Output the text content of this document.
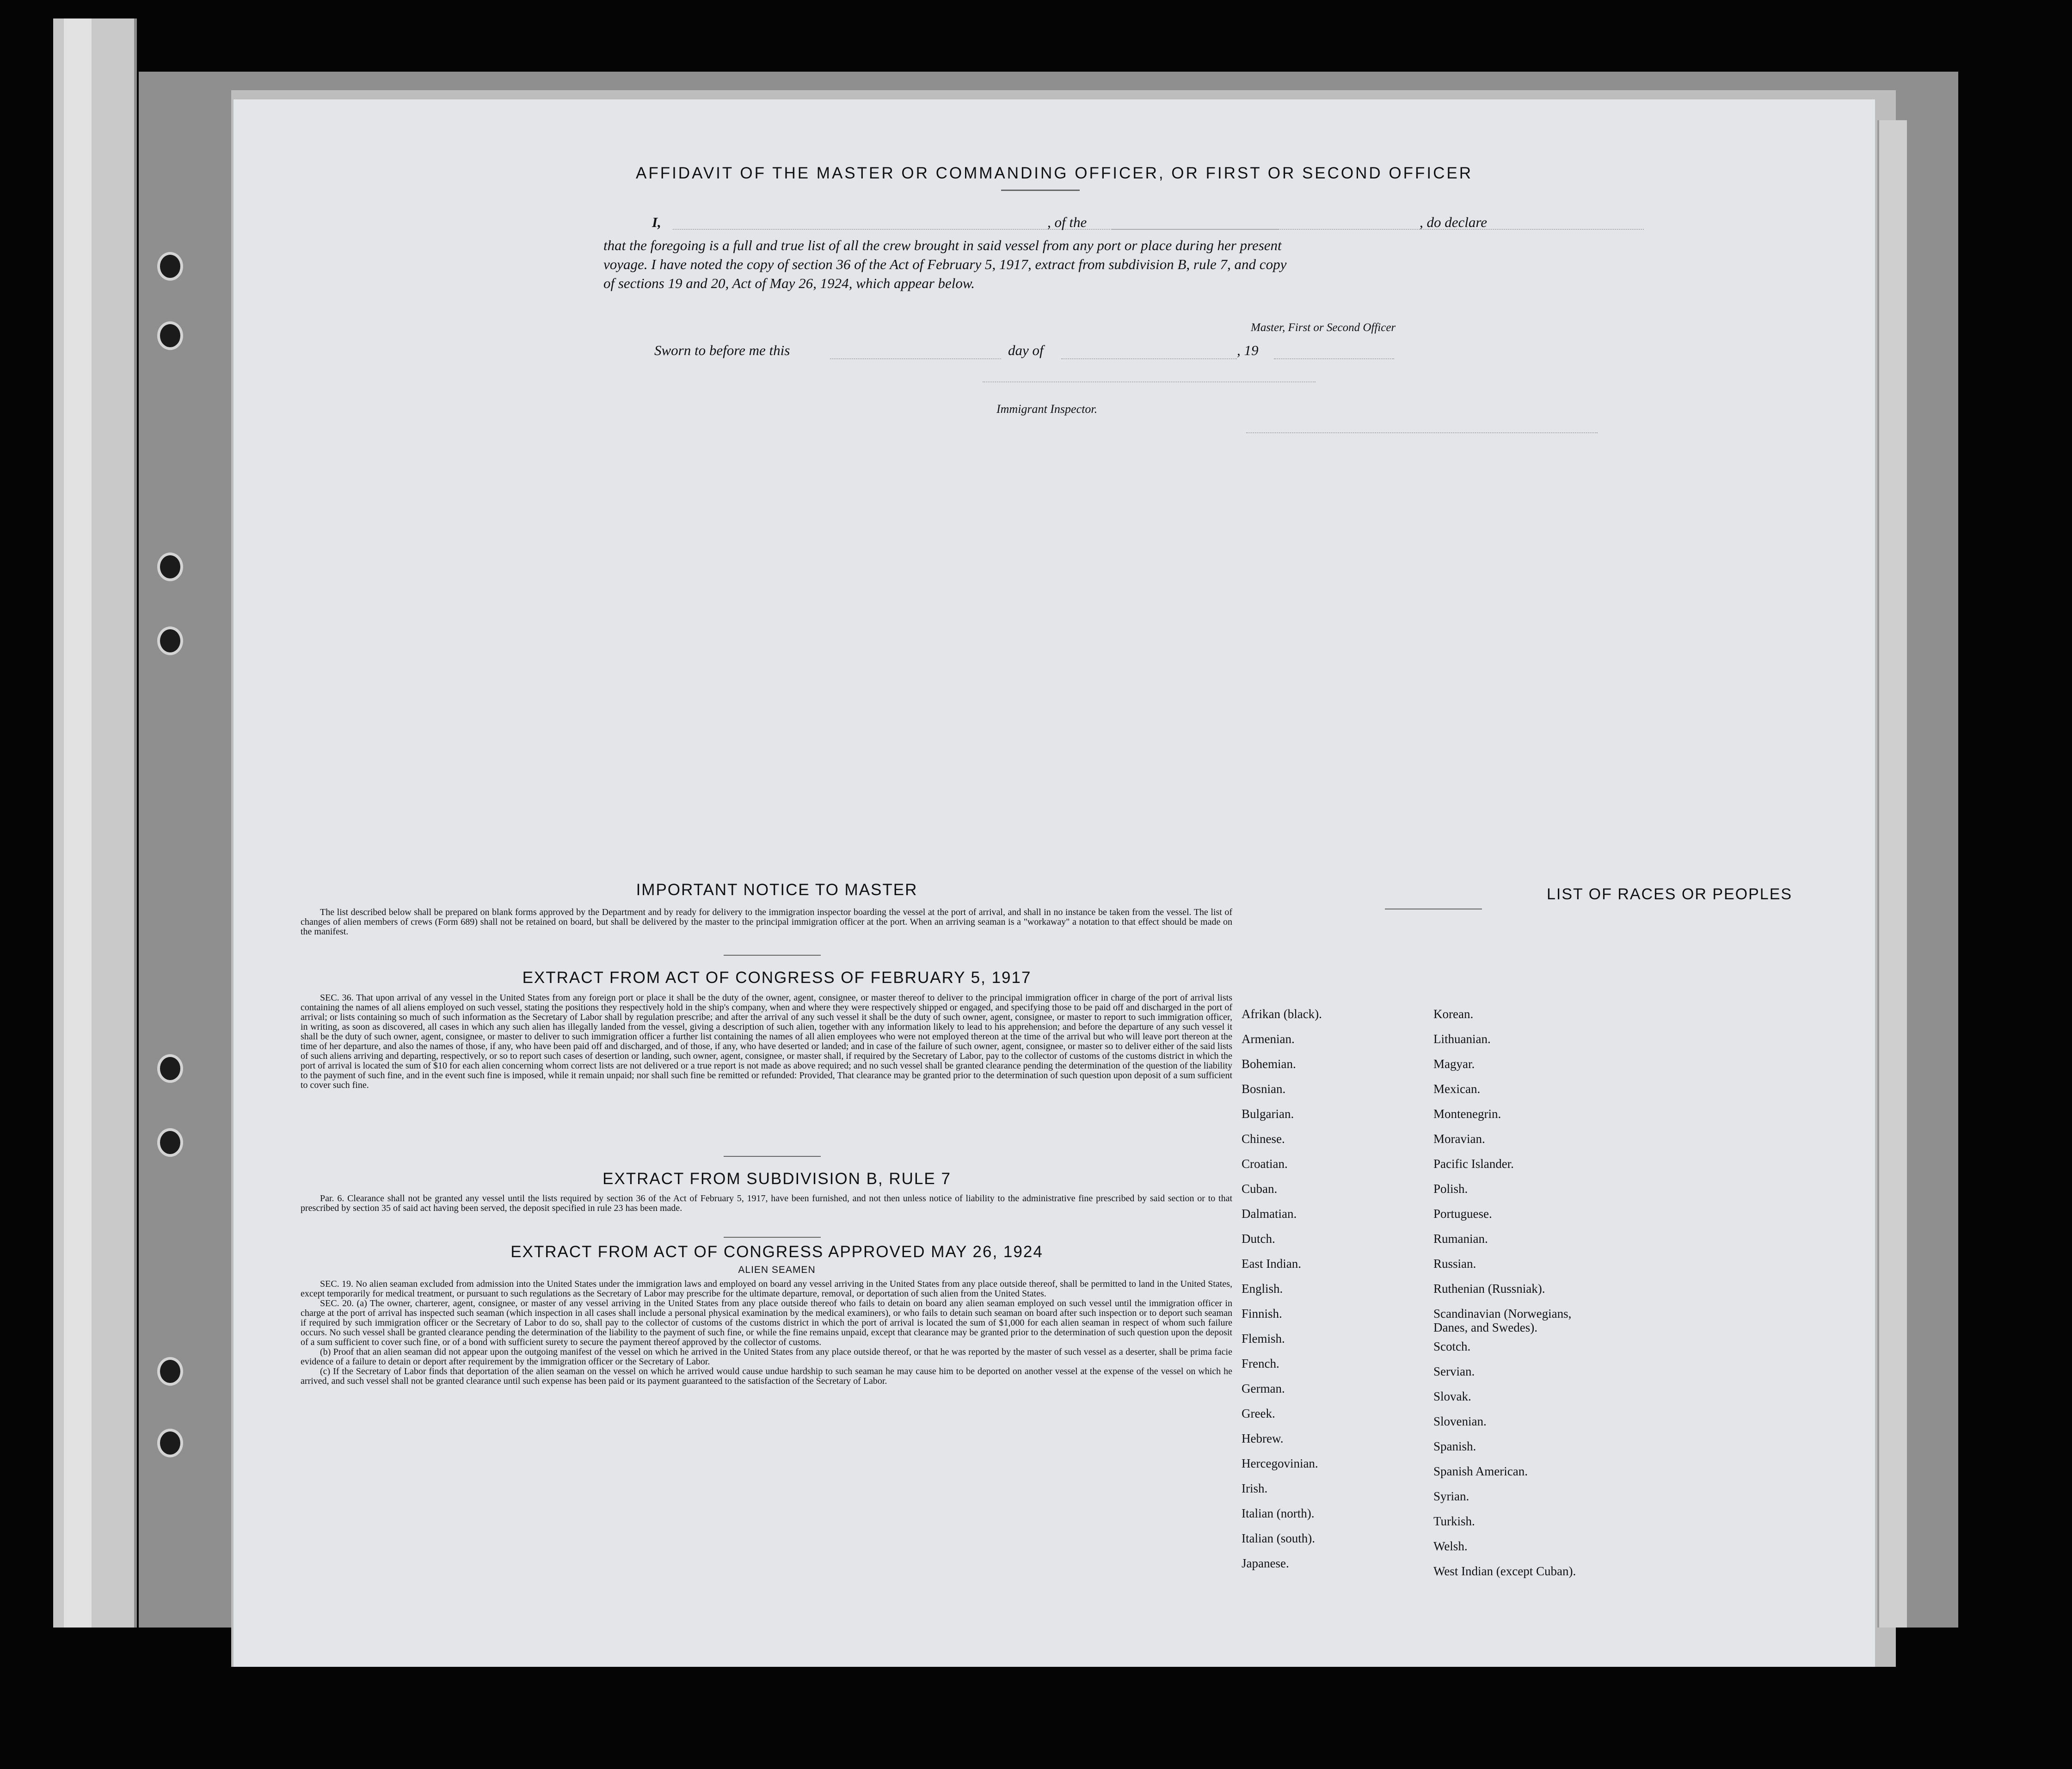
AFFIDAVIT OF THE MASTER OR COMMANDING OFFICER, OR FIRST OR SECOND OFFICER
I,	, of the	, do declare
that the foregoing is a full and true list of all the crew brought in said vessel from any port or place during her present
voyage. I have noted the copy of section 36 of the Act of February 5, 1917, extract from subdivision B, rule 7, and copy
of sections 19 and 20, Act of May 26, 1924, which appear below.
Master, First or Second Officer
Sworn to before me this	day of	, 19
Immigrant Inspector.
IMPORTANT NOTICE TO MASTER

The list described below shall be prepared on blank forms approved by the Department and by ready for delivery to the immigration inspector boarding the vessel at the port of arrival, and shall in no instance be taken from the vessel. The list of changes of alien members of crews (Form 689) shall not be retained on board, but shall be delivered by the master to the principal immigration officer at the port. When an arriving seaman is a "workaway" a notation to that effect should be made on the manifest.

EXTRACT FROM ACT OF CONGRESS OF FEBRUARY 5, 1917

SEC. 36. That upon arrival of any vessel in the United States from any foreign port or place it shall be the duty of the owner, agent, consignee, or master thereof to deliver to the principal immigration officer in charge of the port of arrival lists containing the names of all aliens employed on such vessel, stating the positions they respectively hold in the ship's company, when and where they were respectively shipped or engaged, and specifying those to be paid off and discharged in the port of arrival; or lists containing so much of such information as the Secretary of Labor shall by regulation prescribe; and after the arrival of any such vessel it shall be the duty of such owner, agent, consignee, or master to report to such immigration officer, in writing, as soon as discovered, all cases in which any such alien has illegally landed from the vessel, giving a description of such alien, together with any information likely to lead to his apprehension; and before the departure of any such vessel it shall be the duty of such owner, agent, consignee, or master to deliver to such immigration officer a further list containing the names of all alien employees who were not employed thereon at the time of the arrival but who will leave port thereon at the time of her departure, and also the names of those, if any, who have been paid off and discharged, and of those, if any, who have deserted or landed; and in case of the failure of such owner, agent, consignee, or master so to deliver either of the said lists of such aliens arriving and departing, respectively, or so to report such cases of desertion or landing, such owner, agent, consignee, or master shall, if required by the Secretary of Labor, pay to the collector of customs of the customs district in which the port of arrival is located the sum of $10 for each alien concerning whom correct lists are not delivered or a true report is not made as above required; and no such vessel shall be granted clearance pending the determination of the question of the liability to the payment of such fine, and in the event such fine is imposed, while it remain unpaid; nor shall such fine be remitted or refunded: Provided, That clearance may be granted prior to the determination of such question upon deposit of a sum sufficient to cover such fine.

EXTRACT FROM SUBDIVISION B, RULE 7

Par. 6. Clearance shall not be granted any vessel until the lists required by section 36 of the Act of February 5, 1917, have been furnished, and not then unless notice of liability to the administrative fine prescribed by said section or to that prescribed by section 35 of said act having been served, the deposit specified in rule 23 has been made.

EXTRACT FROM ACT OF CONGRESS APPROVED MAY 26, 1924
ALIEN SEAMEN

SEC. 19. No alien seaman excluded from admission into the United States under the immigration laws and employed on board any vessel arriving in the United States from any place outside thereof, shall be permitted to land in the United States, except temporarily for medical treatment, or pursuant to such regulations as the Secretary of Labor may prescribe for the ultimate departure, removal, or deportation of such alien from the United States.

SEC. 20. (a) The owner, charterer, agent, consignee, or master of any vessel arriving in the United States from any place outside thereof who fails to detain on board any alien seaman employed on such vessel until the immigration officer in charge at the port of arrival has inspected such seaman (which inspection in all cases shall include a personal physical examination by the medical examiners), or who fails to detain such seaman on board after such inspection or to deport such seaman if required by such immigration officer or the Secretary of Labor to do so, shall pay to the collector of customs of the customs district in which the port of arrival is located the sum of $1,000 for each alien seaman in respect of whom such failure occurs. No such vessel shall be granted clearance pending the determination of the liability to the payment of such fine, or while the fine remains unpaid, except that clearance may be granted prior to the determination of such question upon the deposit of a sum sufficient to cover such fine, or of a bond with sufficient surety to secure the payment thereof approved by the collector of customs.

(b) Proof that an alien seaman did not appear upon the outgoing manifest of the vessel on which he arrived in the United States from any place outside thereof, or that he was reported by the master of such vessel as a deserter, shall be prima facie evidence of a failure to detain or deport after requirement by the immigration officer or the Secretary of Labor.

(c) If the Secretary of Labor finds that deportation of the alien seaman on the vessel on which he arrived would cause undue hardship to such seaman he may cause him to be deported on another vessel at the expense of the vessel on which he arrived, and such vessel shall not be granted clearance until such expense has been paid or its payment guaranteed to the satisfaction of the Secretary of Labor.

LIST OF RACES OR PEOPLES
Afrikan (black).
Armenian.
Bohemian.
Bosnian.
Bulgarian.
Chinese.
Croatian.
Cuban.
Dalmatian.
Dutch.
East Indian.
English.
Finnish.
Flemish.
French.
German.
Greek.
Hebrew.
Hercegovinian.
Irish.
Italian (north).
Italian (south).
Japanese.
Korean.
Lithuanian.
Magyar.
Mexican.
Montenegrin.
Moravian.
Pacific Islander.
Polish.
Portuguese.
Rumanian.
Russian.
Ruthenian (Russniak).
Scandinavian (Norwegians,
Danes, and Swedes).
Scotch.
Servian.
Slovak.
Slovenian.
Spanish.
Spanish American.
Syrian.
Turkish.
Welsh.
West Indian (except Cuban).
